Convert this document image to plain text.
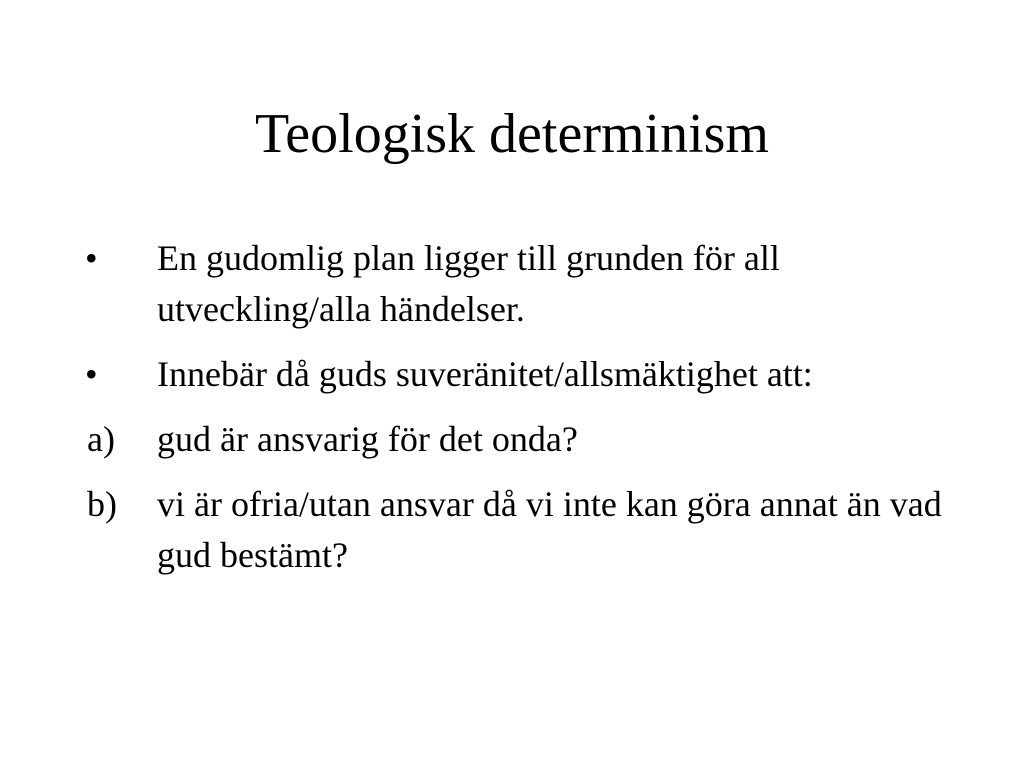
Teologisk determinism
• En gudomlig plan ligger till grunden för all utveckling/alla händelser.
• Innebär då guds suveränitet/allsmäktighet att:
a) gud är ansvarig för det onda?
b) vi är ofria/utan ansvar då vi inte kan göra annat än vad gud bestämt?
